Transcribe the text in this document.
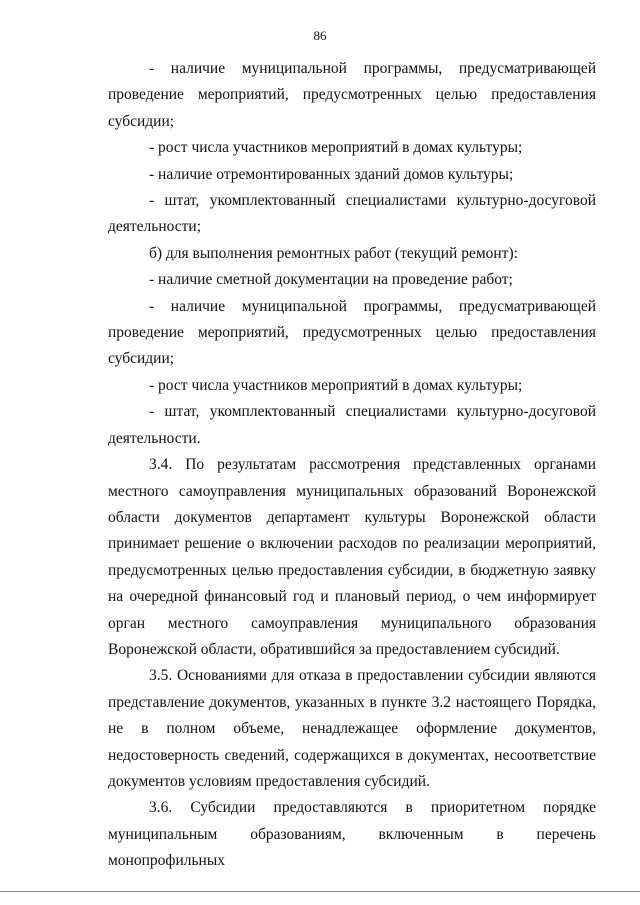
86

- наличие муниципальной программы, предусматривающей проведение мероприятий, предусмотренных целью предоставления субсидии;

- рост числа участников мероприятий в домах культуры;

- наличие отремонтированных зданий домов культуры;

- штат, укомплектованный специалистами культурно-досуговой деятельности;

б) для выполнения ремонтных работ (текущий ремонт):

- наличие сметной документации на проведение работ;

- наличие муниципальной программы, предусматривающей проведение мероприятий, предусмотренных целью предоставления субсидии;

- рост числа участников мероприятий в домах культуры;

- штат, укомплектованный специалистами культурно-досуговой деятельности.

3.4. По результатам рассмотрения представленных органами местного самоуправления муниципальных образований Воронежской области документов департамент культуры Воронежской области принимает решение о включении расходов по реализации мероприятий, предусмотренных целью предоставления субсидии, в бюджетную заявку на очередной финансовый год и плановый период, о чем информирует орган местного самоуправления муниципального образования Воронежской области, обратившийся за предоставлением субсидий.

3.5. Основаниями для отказа в предоставлении субсидии являются представление документов, указанных в пункте 3.2 настоящего Порядка, не в полном объеме, ненадлежащее оформление документов, недостоверность сведений, содержащихся в документах, несоответствие документов условиям предоставления субсидий.

3.6. Субсидии предоставляются в приоритетном порядке муниципальным образованиям, включенным в перечень монопрофильных
